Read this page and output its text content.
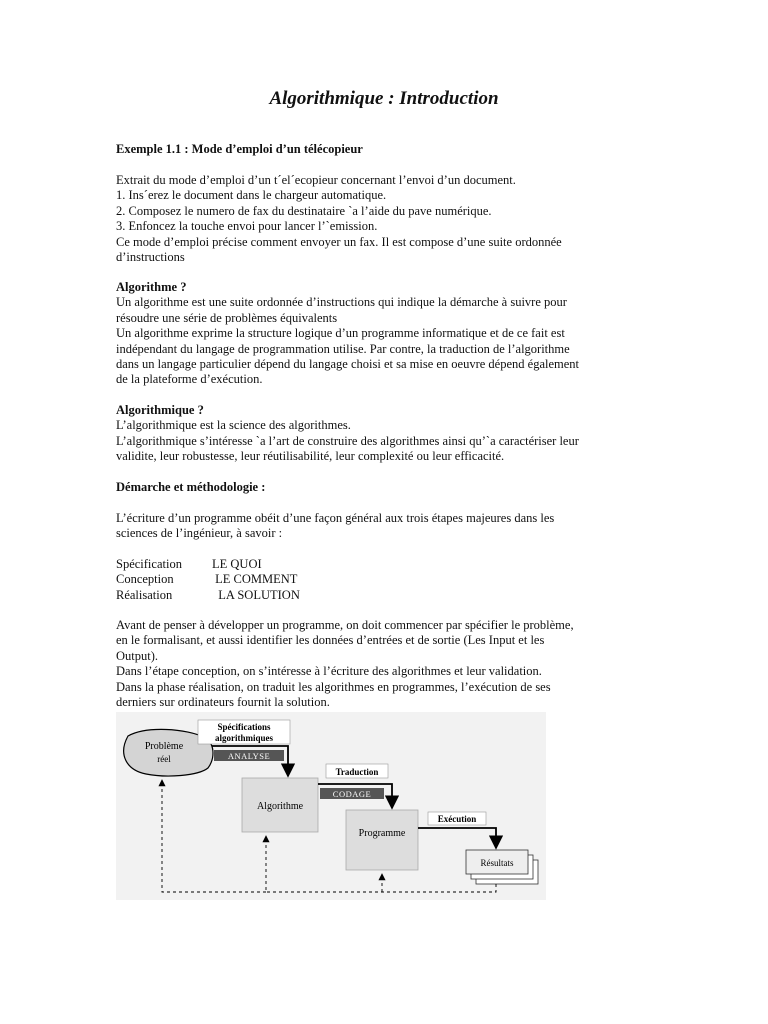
Algorithmique : Introduction

Exemple 1.1 : Mode d’emploi d’un télécopieur

Extrait du mode d’emploi d’un t´el´ecopieur concernant l’envoi d’un document.

1. Ins´erez le document dans le chargeur automatique.

2. Composez le numero de fax du destinataire `a l’aide du pave numérique.

3. Enfoncez la touche envoi pour lancer l’`emission.

Ce mode d’emploi précise comment envoyer un fax. Il est compose d’une suite ordonnée

d’instructions

Algorithme ?

Un algorithme est une suite ordonnée d’instructions qui indique la démarche à suivre pour

résoudre une série de problèmes équivalents

Un algorithme exprime la structure logique d’un programme informatique et de ce fait est

indépendant du langage de programmation utilise. Par contre, la traduction de l’algorithme

dans un langage particulier dépend du langage choisi et sa mise en oeuvre dépend également

de la plateforme d’exécution.

Algorithmique ?

L’algorithmique est la science des algorithmes.

L’algorithmique s’intéresse `a l’art de construire des algorithmes ainsi qu’`a caractériser leur

validite, leur robustesse, leur réutilisabilité, leur complexité ou leur efficacité.

Démarche et méthodologie :

L’écriture d’un programme obéit d’une façon général aux trois étapes majeures dans les

sciences de l’ingénieur, à savoir :

Spécification	LE QUOI
Conception	LE COMMENT
Réalisation	LA SOLUTION

Avant de penser à développer un programme, on doit commencer par spécifier le problème,

en le formalisant, et aussi identifier les données d’entrées et de sortie (Les Input et les

Output).

Dans l’étape conception, on s’intéresse à l’écriture des algorithmes et leur validation.

Dans la phase réalisation, on traduit les algorithmes en programmes, l’exécution de ses

derniers sur ordinateurs fournit la solution.

Problème
réel
Spécifications
algorithmiques
ANALYSE
Algorithme
Traduction
CODAGE
Programme
Exécution
Résultats
